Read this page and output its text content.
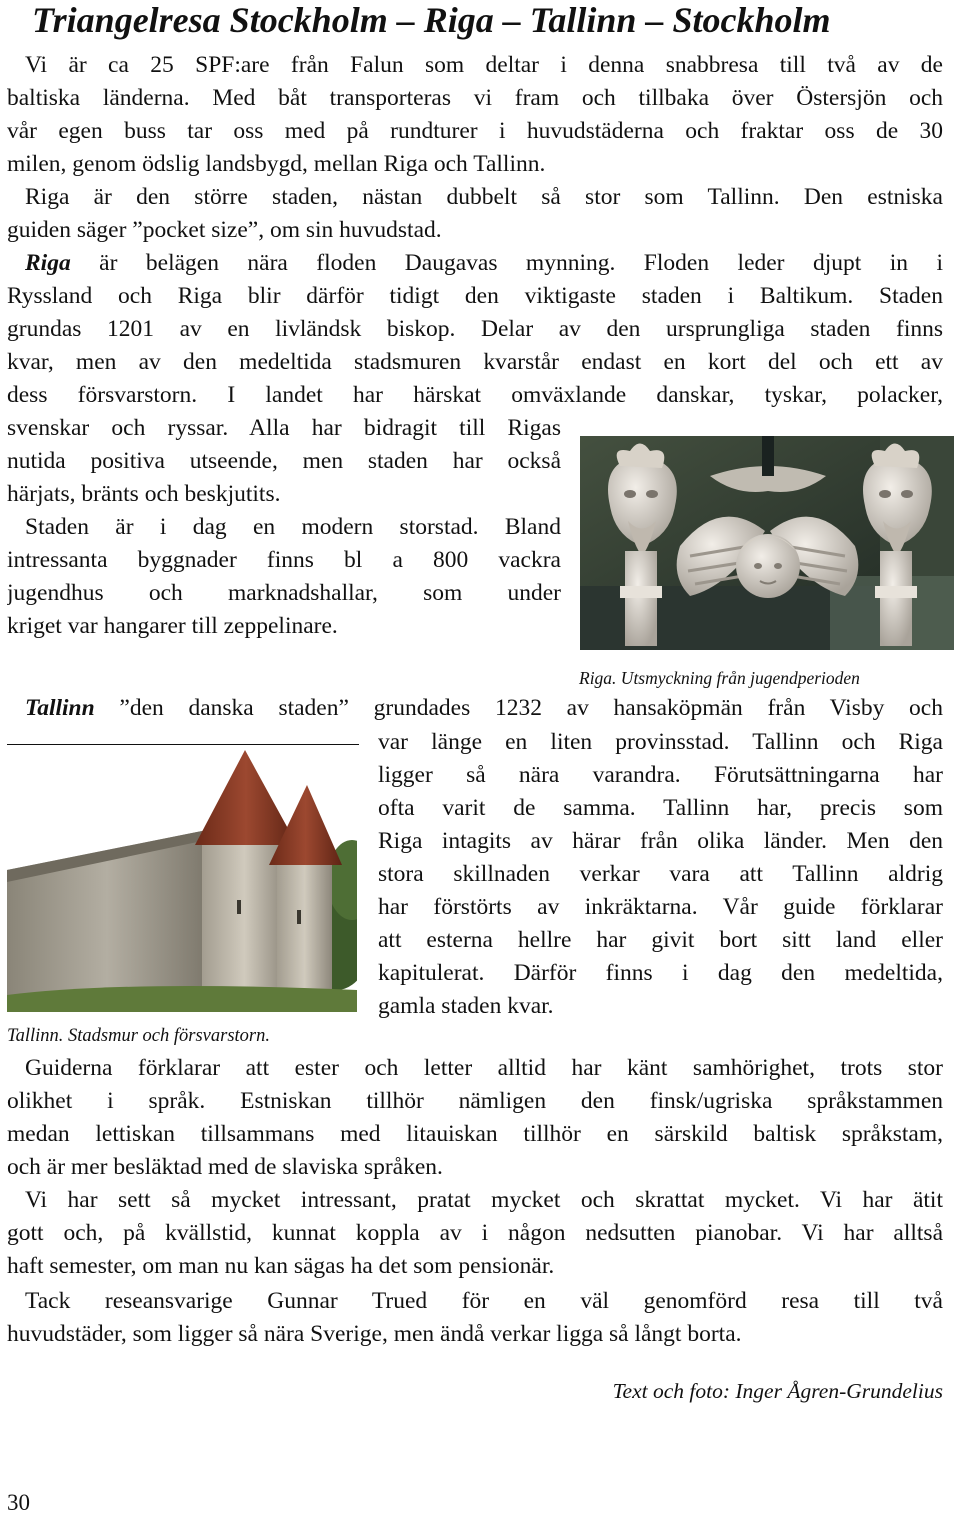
Triangelresa Stockholm – Riga – Tallinn – Stockholm
Vi är ca 25 SPF:are från Falun som deltar i denna snabbresa till två av de
baltiska länderna. Med båt transporteras vi fram och tillbaka över Östersjön och
vår egen buss tar oss med på rundturer i huvudstäderna och fraktar oss de 30
milen, genom ödslig landsbygd, mellan Riga och Tallinn.
Riga är den större staden, nästan dubbelt så stor som Tallinn. Den estniska
guiden säger ”pocket size”, om sin huvudstad.
Riga är belägen nära floden Daugavas mynning. Floden leder djupt in i
Ryssland och Riga blir därför tidigt den viktigaste staden i Baltikum. Staden
grundas 1201 av en livländsk biskop. Delar av den ursprungliga staden finns
kvar, men av den medeltida stadsmuren kvarstår endast en kort del och ett av
dess försvarstorn. I landet har härskat omväxlande danskar, tyskar, polacker,
svenskar och ryssar. Alla har bidragit till Rigas
nutida positiva utseende, men staden har också
härjats, bränts och beskjutits.
Staden är i dag en modern storstad. Bland
intressanta byggnader finns bl a 800 vackra
jugendhus och marknadshallar, som under
kriget var hangarer till zeppelinare.
Riga. Utsmyckning från jugendperioden
Tallinn ”den danska staden” grundades 1232 av hansaköpmän från Visby och
var länge en liten provinsstad. Tallinn och Riga
ligger så nära varandra. Förutsättningarna har
ofta varit de samma. Tallinn har, precis som
Riga intagits av härar från olika länder. Men den
stora skillnaden verkar vara att Tallinn aldrig
har förstörts av inkräktarna. Vår guide förklarar
att esterna hellre har givit bort sitt land eller
kapitulerat. Därför finns i dag den medeltida,
gamla staden kvar.
Tallinn. Stadsmur och försvarstorn.
Guiderna förklarar att ester och letter alltid har känt samhörighet, trots stor
olikhet i språk. Estniskan tillhör nämligen den finsk/ugriska språkstammen
medan lettiskan tillsammans med litauiskan tillhör en särskild baltisk språkstam,
och är mer besläktad med de slaviska språken.
Vi har sett så mycket intressant, pratat mycket och skrattat mycket. Vi har ätit
gott och, på kvällstid, kunnat koppla av i någon nedsutten pianobar. Vi har alltså
haft semester, om man nu kan sägas ha det som pensionär.
Tack reseansvarige Gunnar Trued för en väl genomförd resa till två
huvudstäder, som ligger så nära Sverige, men ändå verkar ligga så långt borta.
Text och foto: Inger Ågren-Grundelius
30
